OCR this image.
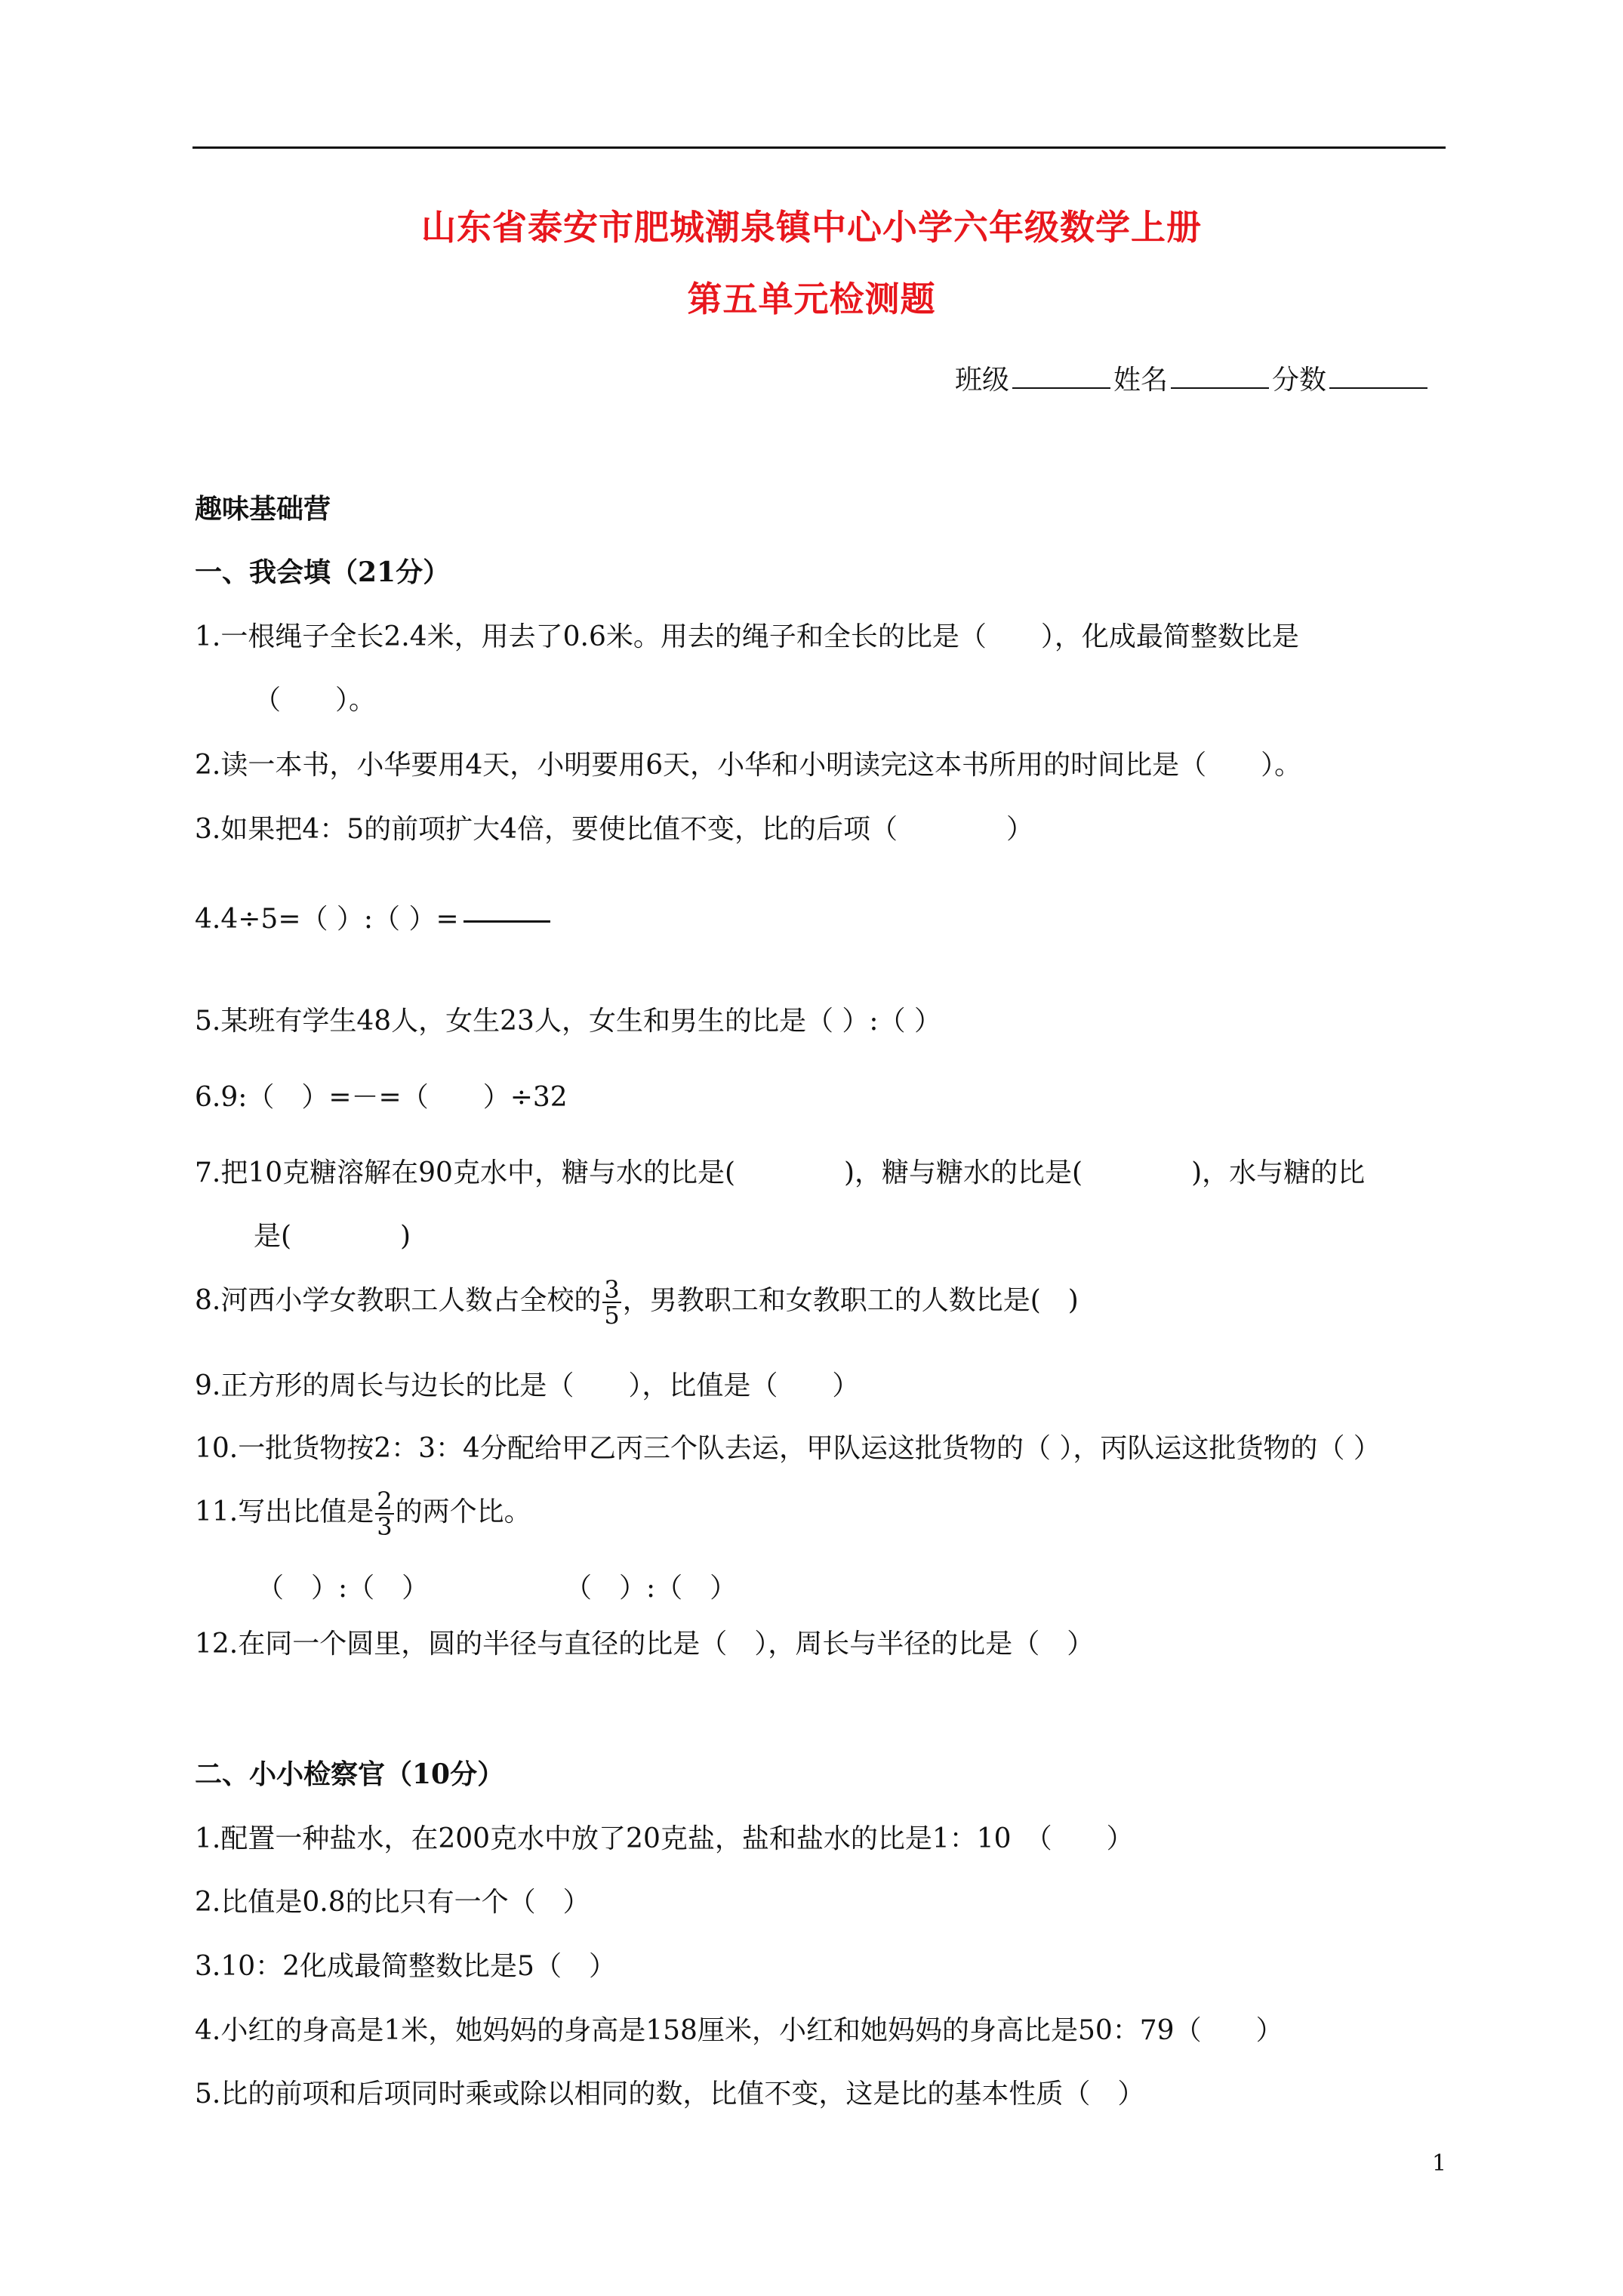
山东省泰安市肥城潮泉镇中心小学六年级数学上册
第五单元检测题
班级	姓名	分数
趣味基础营
一、我会填（21分）
1.一根绳子全长2.4米，用去了0.6米。用去的绳子和全长的比是（　　），化成最简整数比是
（　　）。
2.读一本书，小华要用4天，小明要用6天，小华和小明读完这本书所用的时间比是（　　）。
3.如果把4：5的前项扩大4倍，要使比值不变，比的后项（　　　　）
4.4÷5=（ ）:（ ）=
5.某班有学生48人，女生23人，女生和男生的比是（ ）:（ ）
6.9:（　）=－=（　　）÷32
7.把10克糖溶解在90克水中，糖与水的比是(　　　　)，糖与糖水的比是(　　　　)，水与糖的比
是(　　　　)
8.河西小学女教职工人数占全校的 $\frac{3}{5}$ ，男教职工和女教职工的人数比是(　)
9.正方形的周长与边长的比是（　　），比值是（　　）
10.一批货物按2：3：4分配给甲乙丙三个队去运，甲队运这批货物的（ ），丙队运这批货物的（ ）
11.写出比值是 $\frac{2}{3}$ 的两个比。
（　）:（　）	（　）:（　）
12.在同一个圆里，圆的半径与直径的比是（　），周长与半径的比是（　）
二、小小检察官（10分）
1.配置一种盐水，在200克水中放了20克盐，盐和盐水的比是1：10　（　　）
2.比值是0.8的比只有一个（　）
3.10：2化成最简整数比是5（　）
4.小红的身高是1米，她妈妈的身高是158厘米，小红和她妈妈的身高比是50：79（　　）
5.比的前项和后项同时乘或除以相同的数，比值不变，这是比的基本性质（　）
1
